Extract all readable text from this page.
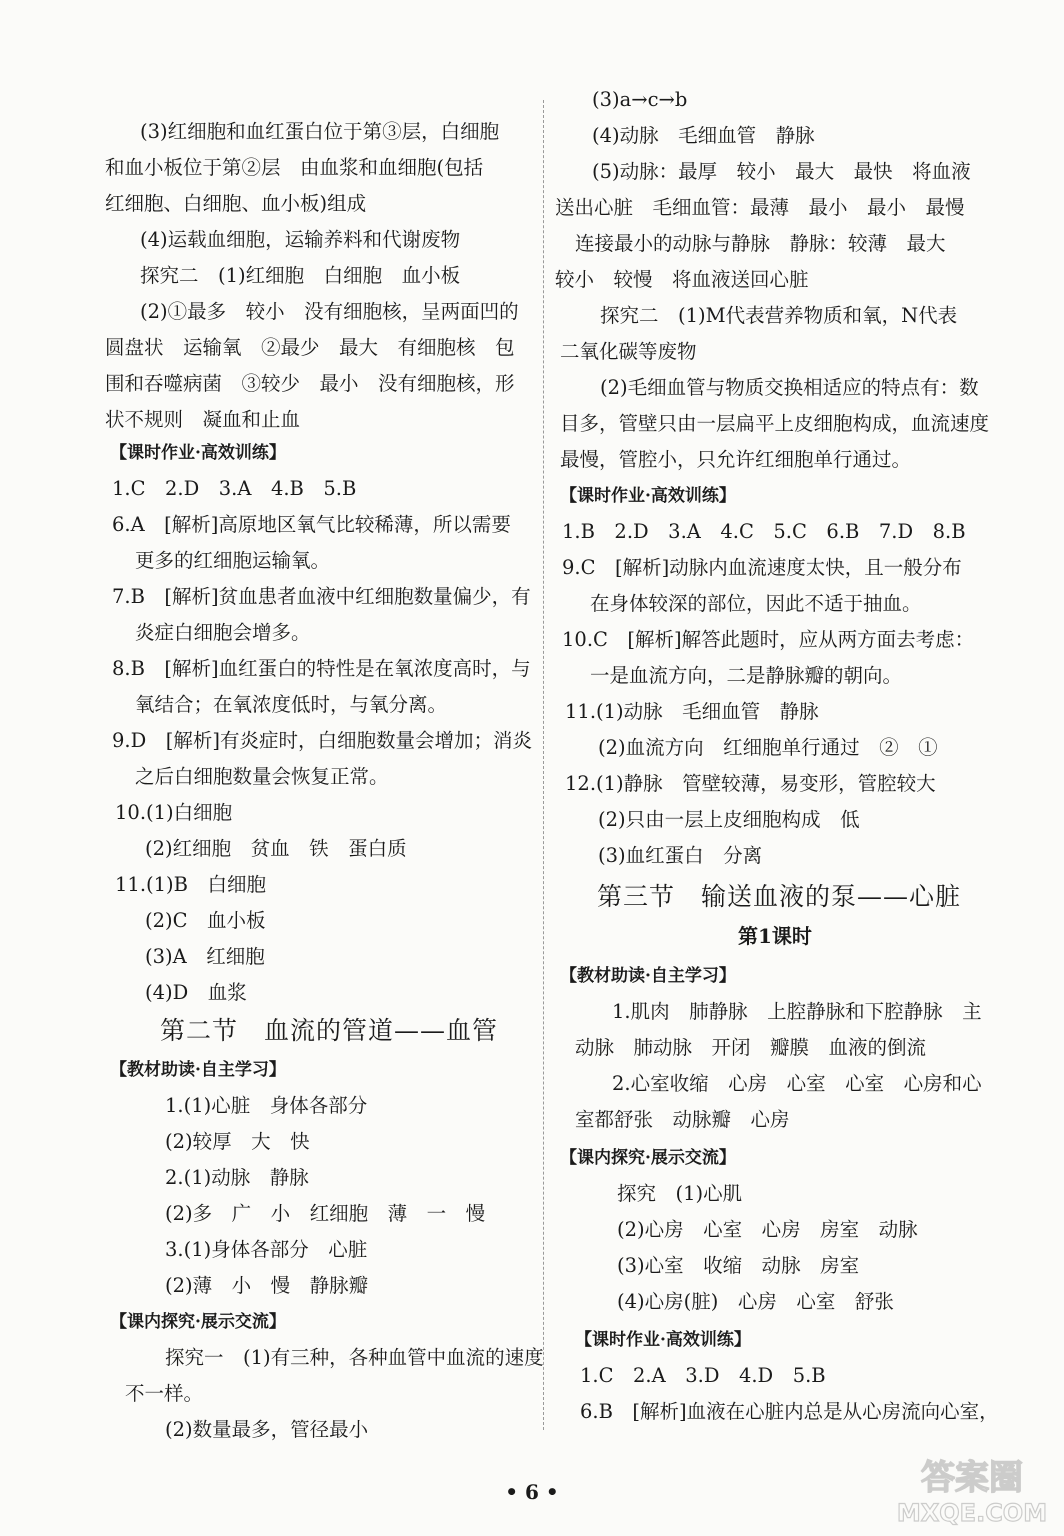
(3)红细胞和血红蛋白位于第③层，白细胞
和血小板位于第②层　由血浆和血细胞(包括
红细胞、白细胞、血小板)组成
(4)运载血细胞，运输养料和代谢废物
探究二　(1)红细胞　白细胞　血小板
(2)①最多　较小　没有细胞核，呈两面凹的
圆盘状　运输氧　②最少　最大　有细胞核　包
围和吞噬病菌　③较少　最小　没有细胞核，形
状不规则　凝血和止血
【课时作业·高效训练】
1.C　2.D　3.A　4.B　5.B
6.A　[解析]高原地区氧气比较稀薄，所以需要
更多的红细胞运输氧。
7.B　[解析]贫血患者血液中红细胞数量偏少，有
炎症白细胞会增多。
8.B　[解析]血红蛋白的特性是在氧浓度高时，与
氧结合；在氧浓度低时，与氧分离。
9.D　[解析]有炎症时，白细胞数量会增加；消炎
之后白细胞数量会恢复正常。
10.(1)白细胞
(2)红细胞　贫血　铁　蛋白质
11.(1)B　白细胞
(2)C　血小板
(3)A　红细胞
(4)D　血浆
第二节　血流的管道——血管
【教材助读·自主学习】
1.(1)心脏　身体各部分
(2)较厚　大　快
2.(1)动脉　静脉
(2)多　广　小　红细胞　薄　一　慢
3.(1)身体各部分　心脏
(2)薄　小　慢　静脉瓣
【课内探究·展示交流】
探究一　(1)有三种，各种血管中血流的速度
不一样。
(2)数量最多，管径最小
(3)a→c→b
(4)动脉　毛细血管　静脉
(5)动脉：最厚　较小　最大　最快　将血液
送出心脏　毛细血管：最薄　最小　最小　最慢
连接最小的动脉与静脉　静脉：较薄　最大
较小　较慢　将血液送回心脏
探究二　(1)M代表营养物质和氧，N代表
二氧化碳等废物
(2)毛细血管与物质交换相适应的特点有：数
目多，管壁只由一层扁平上皮细胞构成，血流速度
最慢，管腔小，只允许红细胞单行通过。
【课时作业·高效训练】
1.B　2.D　3.A　4.C　5.C　6.B　7.D　8.B
9.C　[解析]动脉内血流速度太快，且一般分布
在身体较深的部位，因此不适于抽血。
10.C　[解析]解答此题时，应从两方面去考虑：
一是血流方向，二是静脉瓣的朝向。
11.(1)动脉　毛细血管　静脉
(2)血流方向　红细胞单行通过　②　①
12.(1)静脉　管壁较薄，易变形，管腔较大
(2)只由一层上皮细胞构成　低
(3)血红蛋白　分离
第三节　输送血液的泵——心脏
第1课时
【教材助读·自主学习】
1.肌肉　肺静脉　上腔静脉和下腔静脉　主
动脉　肺动脉　开闭　瓣膜　血液的倒流
2.心室收缩　心房　心室　心室　心房和心
室都舒张　动脉瓣　心房
【课内探究·展示交流】
探究　(1)心肌
(2)心房　心室　心房　房室　动脉
(3)心室　收缩　动脉　房室
(4)心房(脏)　心房　心室　舒张
【课时作业·高效训练】
1.C　2.A　3.D　4.D　5.B
6.B　[解析]血液在心脏内总是从心房流向心室，
• 6 •	答案圈
MXQE.COM
